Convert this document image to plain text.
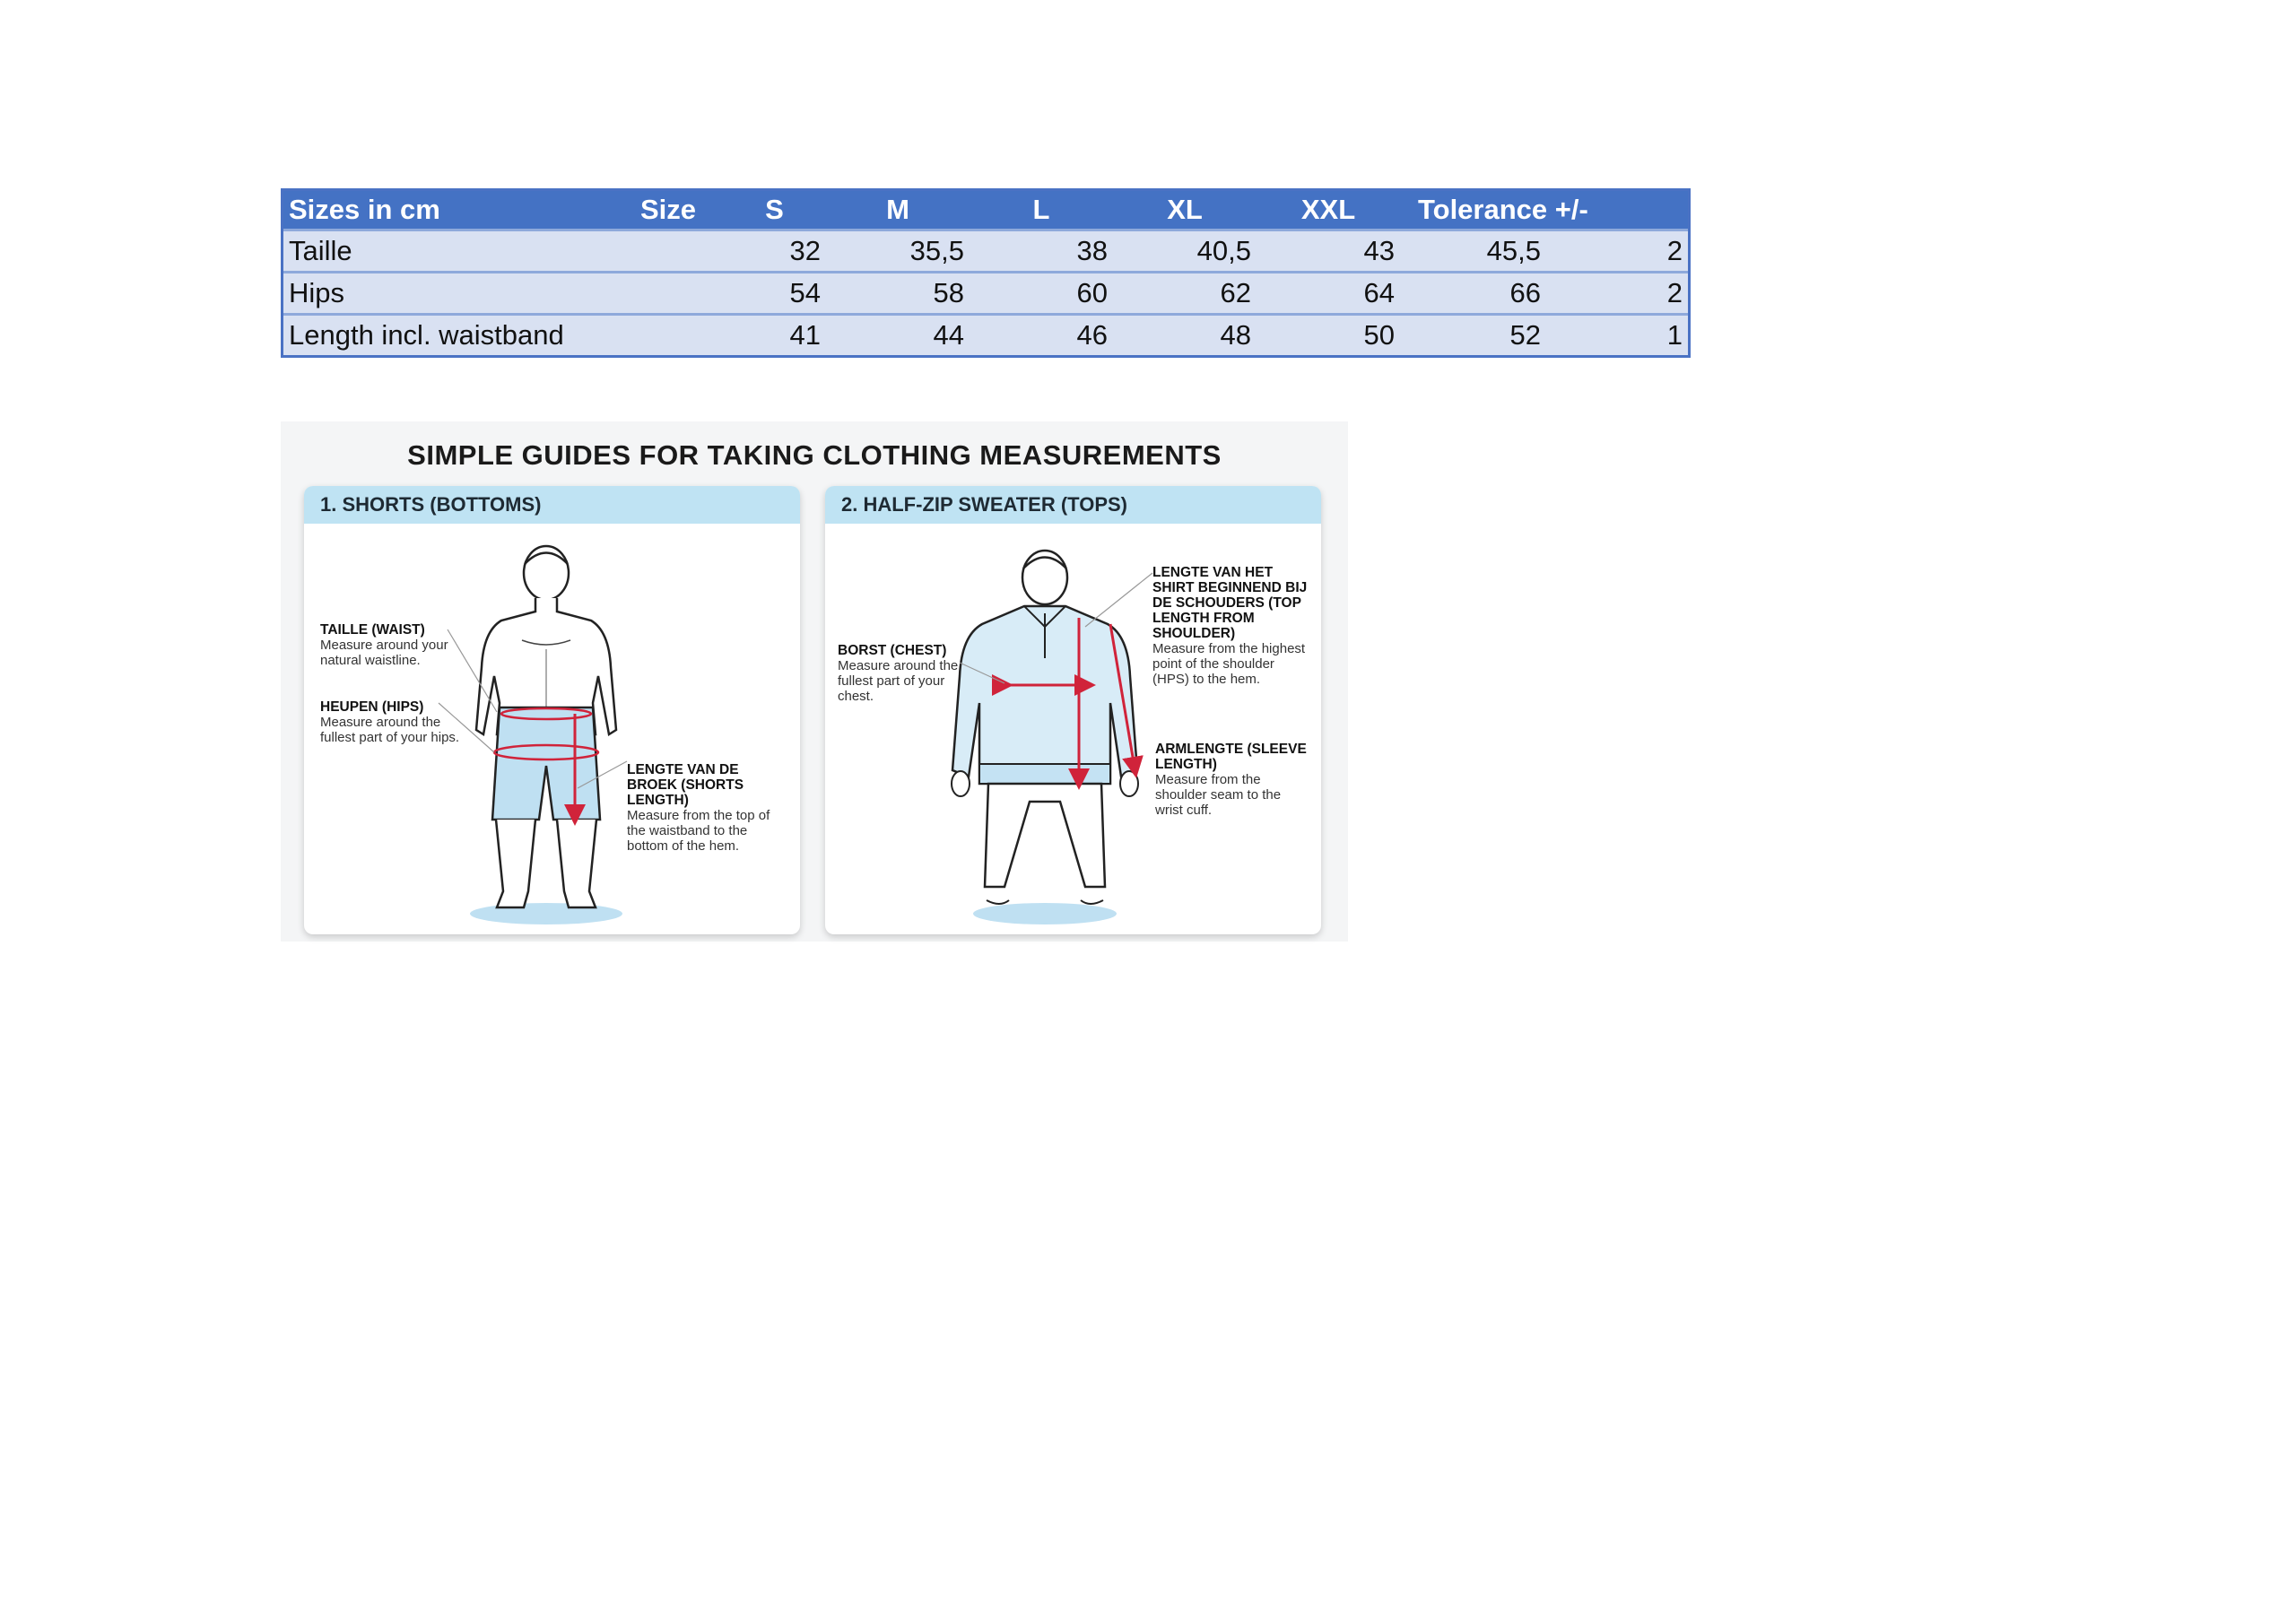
Sizes in cm	Size	S	M	L	XL	XXL	Tolerance +/-
Taille	32	35,5	38	40,5	43	45,5	2
Hips	54	58	60	62	64	66	2
Length incl. waistband	41	44	46	48	50	52	1
SIMPLE GUIDES FOR TAKING CLOTHING MEASUREMENTS
1. SHORTS (BOTTOMS)
TAILLE (WAIST)
Measure around your natural waistline.
HEUPEN (HIPS)
Measure around the fullest part of your hips.
LENGTE VAN DE BROEK (SHORTS LENGTH)
Measure from the top of the waistband to the bottom of the hem.
2. HALF-ZIP SWEATER (TOPS)
BORST (CHEST)
Measure around the fullest part of your chest.
LENGTE VAN HET SHIRT BEGINNEND BIJ DE SCHOUDERS (TOP LENGTH FROM SHOULDER)
Measure from the highest point of the shoulder (HPS) to the hem.
ARMLENGTE (SLEEVE LENGTH)
Measure from the shoulder seam to the wrist cuff.
